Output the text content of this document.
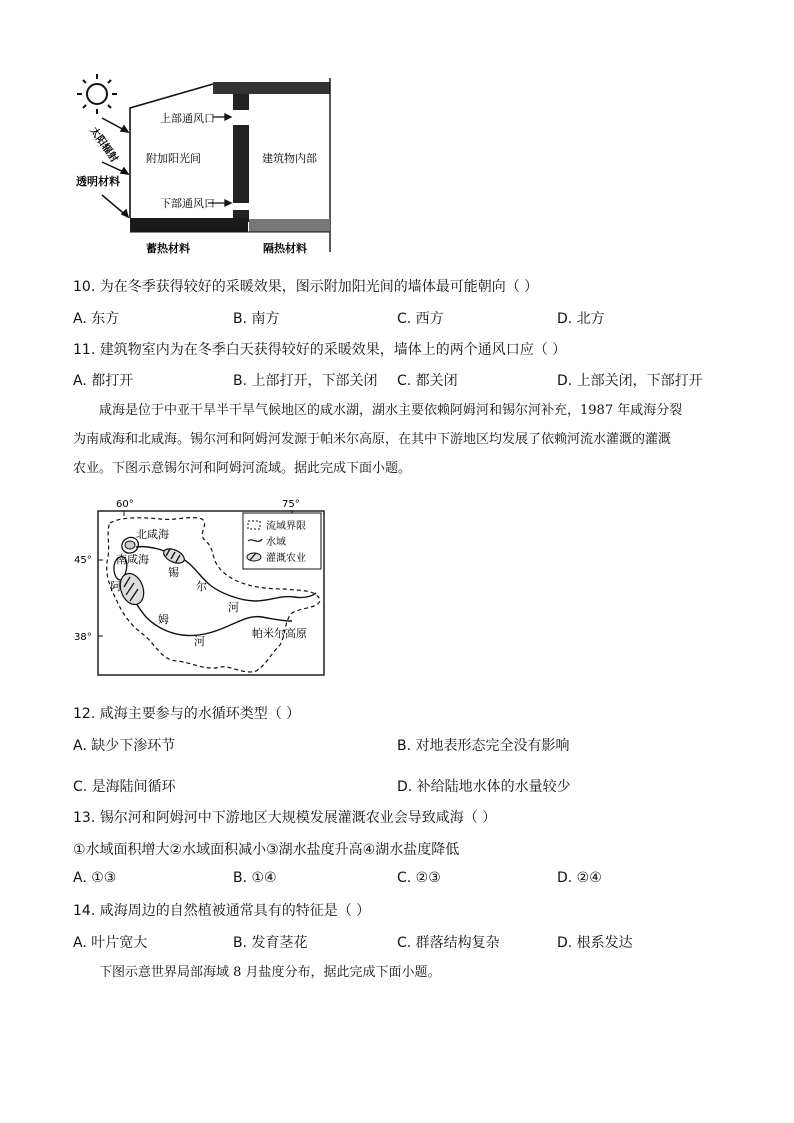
上部通风口
附加阳光间	建筑物内部
下部通风口
太阳辐射
透明材料
蓄热材料	隔热材料
10. 为在冬季获得较好的采暖效果，图示附加阳光间的墙体最可能朝向（ ）
A. 东方	B. 南方	C. 西方	D. 北方
11. 建筑物室内为在冬季白天获得较好的采暖效果，墙体上的两个通风口应（ ）
A. 都打开	B. 上部打开，下部关闭 C. 都关闭	D. 上部关闭，下部打开
咸海是位于中亚干旱半干旱气候地区的咸水湖，湖水主要依赖阿姆河和锡尔河补充，1987 年咸海分裂
为南咸海和北咸海。锡尔河和阿姆河发源于帕米尔高原，在其中下游地区均发展了依赖河流水灌溉的灌溉
农业。下图示意锡尔河和阿姆河流域。据此完成下面小题。
60°	75°
45°
38°
北咸海
南咸海
锡
尔
河
阿
姆
河
帕米尔高原
流域界限
水域
灌溉农业
12. 咸海主要参与的水循环类型（ ）
A. 缺少下渗环节	B. 对地表形态完全没有影响
C. 是海陆间循环	D. 补给陆地水体的水量较少
13. 锡尔河和阿姆河中下游地区大规模发展灌溉农业会导致咸海（ ）
①水域面积增大②水域面积减小③湖水盐度升高④湖水盐度降低
A. ①③	B. ①④	C. ②③	D. ②④
14. 咸海周边的自然植被通常具有的特征是（ ）
A. 叶片宽大	B. 发育茎花	C. 群落结构复杂	D. 根系发达
下图示意世界局部海域 8 月盐度分布，据此完成下面小题。
